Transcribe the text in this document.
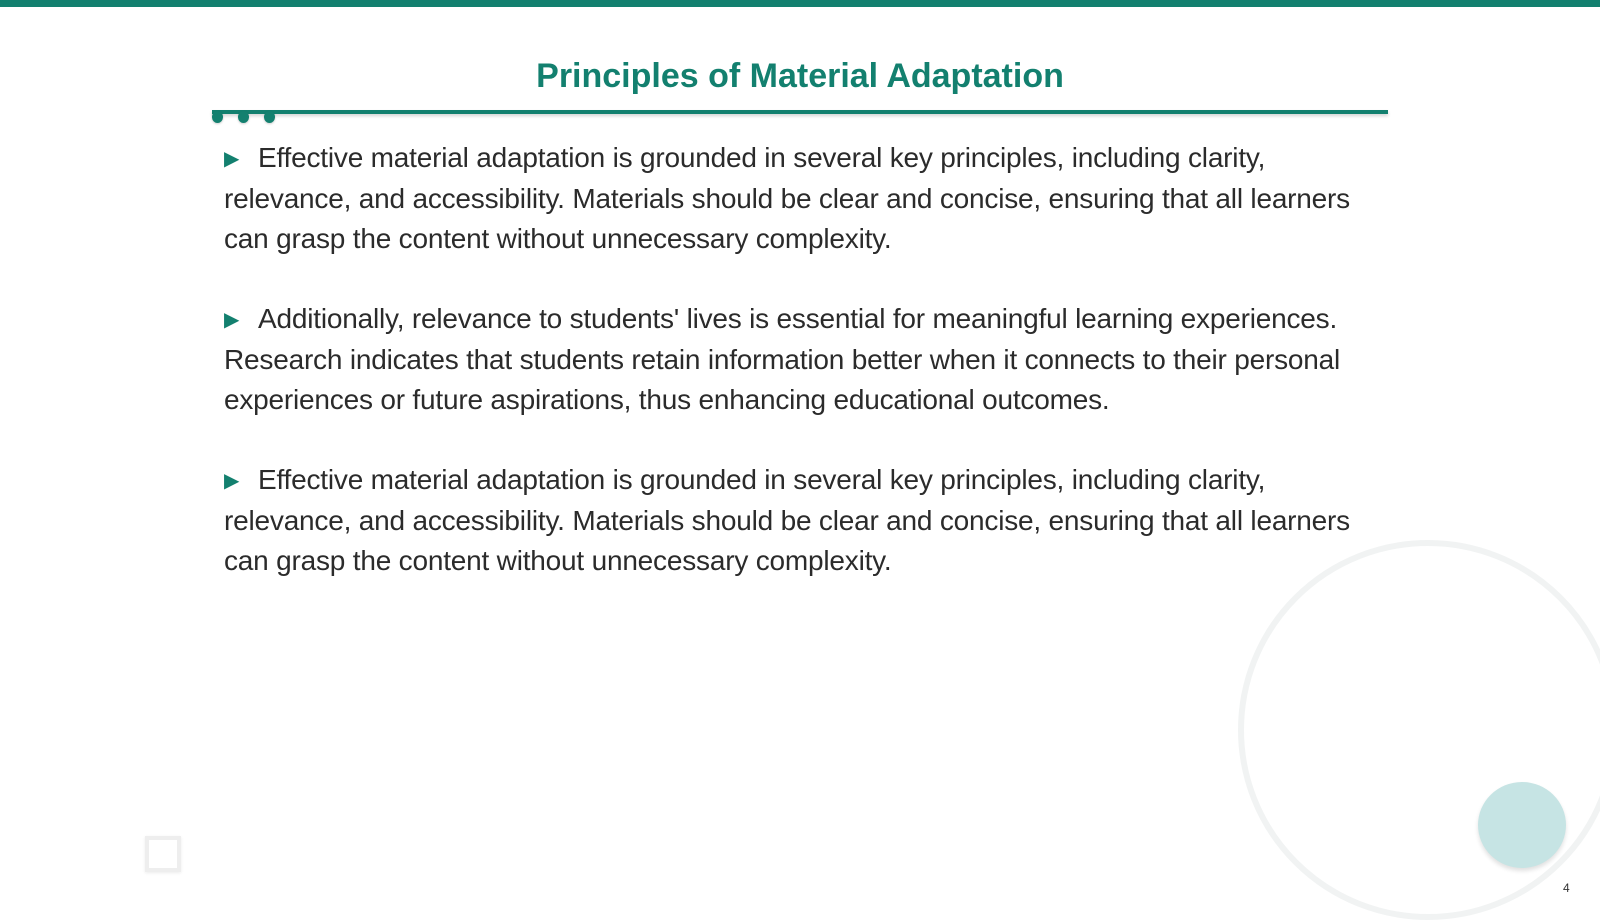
Principles of Material Adaptation

▶ Effective material adaptation is grounded in several key principles, including clarity, relevance, and accessibility. Materials should be clear and concise, ensuring that all learners can grasp the content without unnecessary complexity.

▶ Additionally, relevance to students' lives is essential for meaningful learning experiences. Research indicates that students retain information better when it connects to their personal experiences or future aspirations, thus enhancing educational outcomes.

▶ Effective material adaptation is grounded in several key principles, including clarity, relevance, and accessibility. Materials should be clear and concise, ensuring that all learners can grasp the content without unnecessary complexity.

4
